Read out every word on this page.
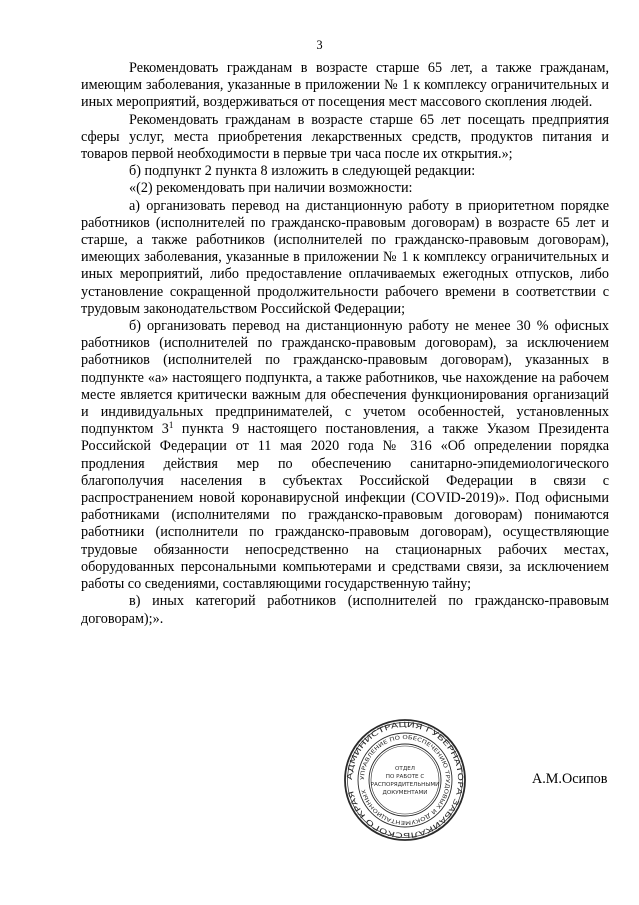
3

Рекомендовать гражданам в возрасте старше 65 лет, а также гражданам, имеющим заболевания, указанные в приложении № 1 к комплексу ограничительных и иных мероприятий, воздерживаться от посещения мест массового скопления людей.

Рекомендовать гражданам в возрасте старше 65 лет посещать предприятия сферы услуг, места приобретения лекарственных средств, продуктов питания и товаров первой необходимости в первые три часа после их открытия.»;

б) подпункт 2 пункта 8 изложить в следующей редакции:

«(2) рекомендовать при наличии возможности:

а) организовать перевод на дистанционную работу в приоритетном порядке работников (исполнителей по гражданско-правовым договорам) в возрасте 65 лет и старше, а также работников (исполнителей по гражданско-правовым договорам), имеющих заболевания, указанные в приложении № 1 к комплексу ограничительных и иных мероприятий, либо предоставление оплачиваемых ежегодных отпусков, либо установление сокращенной продолжительности рабочего времени в соответствии с трудовым законодательством Российской Федерации;

б) организовать перевод на дистанционную работу не менее 30 % офисных работников (исполнителей по гражданско-правовым договорам), за исключением работников (исполнителей по гражданско-правовым договорам), указанных в подпункте «а» настоящего подпункта, а также работников, чье нахождение на рабочем месте является критически важным для обеспечения функционирования организаций и индивидуальных предпринимателей, с учетом особенностей, установленных подпунктом $3^1$ пункта 9 настоящего постановления, а также Указом Президента Российской Федерации от 11 мая 2020 года № 316 «Об определении порядка продления действия мер по обеспечению санитарно-эпидемиологического благополучия населения в субъектах Российской Федерации в связи с распространением новой коронавирусной инфекции (COVID-2019)». Под офисными работниками (исполнителями по гражданско-правовым договорам) понимаются работники (исполнители по гражданско-правовым договорам), осуществляющие трудовые обязанности непосредственно на стационарных рабочих местах, оборудованных персональными компьютерами и средствами связи, за исключением работы со сведениями, составляющими государственную тайну;

в) иных категорий работников (исполнителей по гражданско-правовым договорам);».

АДМИНИСТРАЦИЯ ГУБЕРНАТОРА ЗАБАЙКАЛЬСКОГО КРАЯ
УПРАВЛЕНИЕ ПО ОБЕСПЕЧЕНИЮ ТРУДОВЫХ И ДОКУМЕНТАЦИОННЫХ
ОТДЕЛ
ПО РАБОТЕ С
РАСПОРЯДИТЕЛЬНЫМИ
ДОКУМЕНТАМИ
А.М.Осипов
